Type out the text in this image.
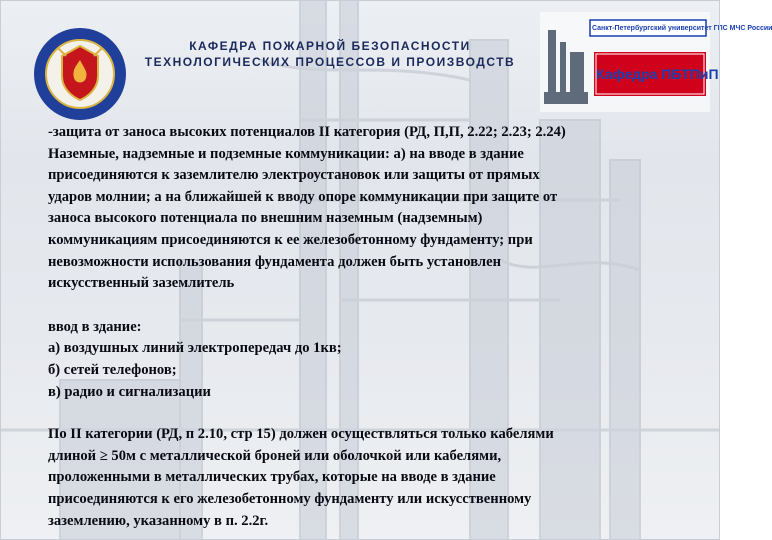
КАФЕДРА ПОЖАРНОЙ БЕЗОПАСНОСТИ
ТЕХНОЛОГИЧЕСКИХ ПРОЦЕССОВ И ПРОИЗВОДСТВ
Санкт-Петербургский университет ГПС МЧС России
Кафедра ПБТПиП

-защита от заноса высоких потенциалов II категория (РД, П,П, 2.22; 2.23; 2.24)

Наземные, надземные и подземные коммуникации: а) на вводе в здание

присоединяются к заземлителю электроустановок или защиты от прямых

ударов молнии; а на ближайшей к вводу опоре коммуникации при защите от

заноса высокого потенциала по внешним наземным (надземным)

коммуникациям присоединяются к ее железобетонному фундаменту; при

невозможности использования фундамента должен быть установлен

искусственный заземлитель

ввод в здание:

а) воздушных линий электропередач до 1кв;

б) сетей телефонов;

в) радио и сигнализации

По II категории (РД, п 2.10, стр 15) должен осуществляться только кабелями

длиной ≥ 50м с металлической броней или оболочкой или кабелями,

проложенными в металлических трубах, которые на вводе в здание

присоединяются к его железобетонному фундаменту или искусственному

заземлению, указанному в п. 2.2г.
